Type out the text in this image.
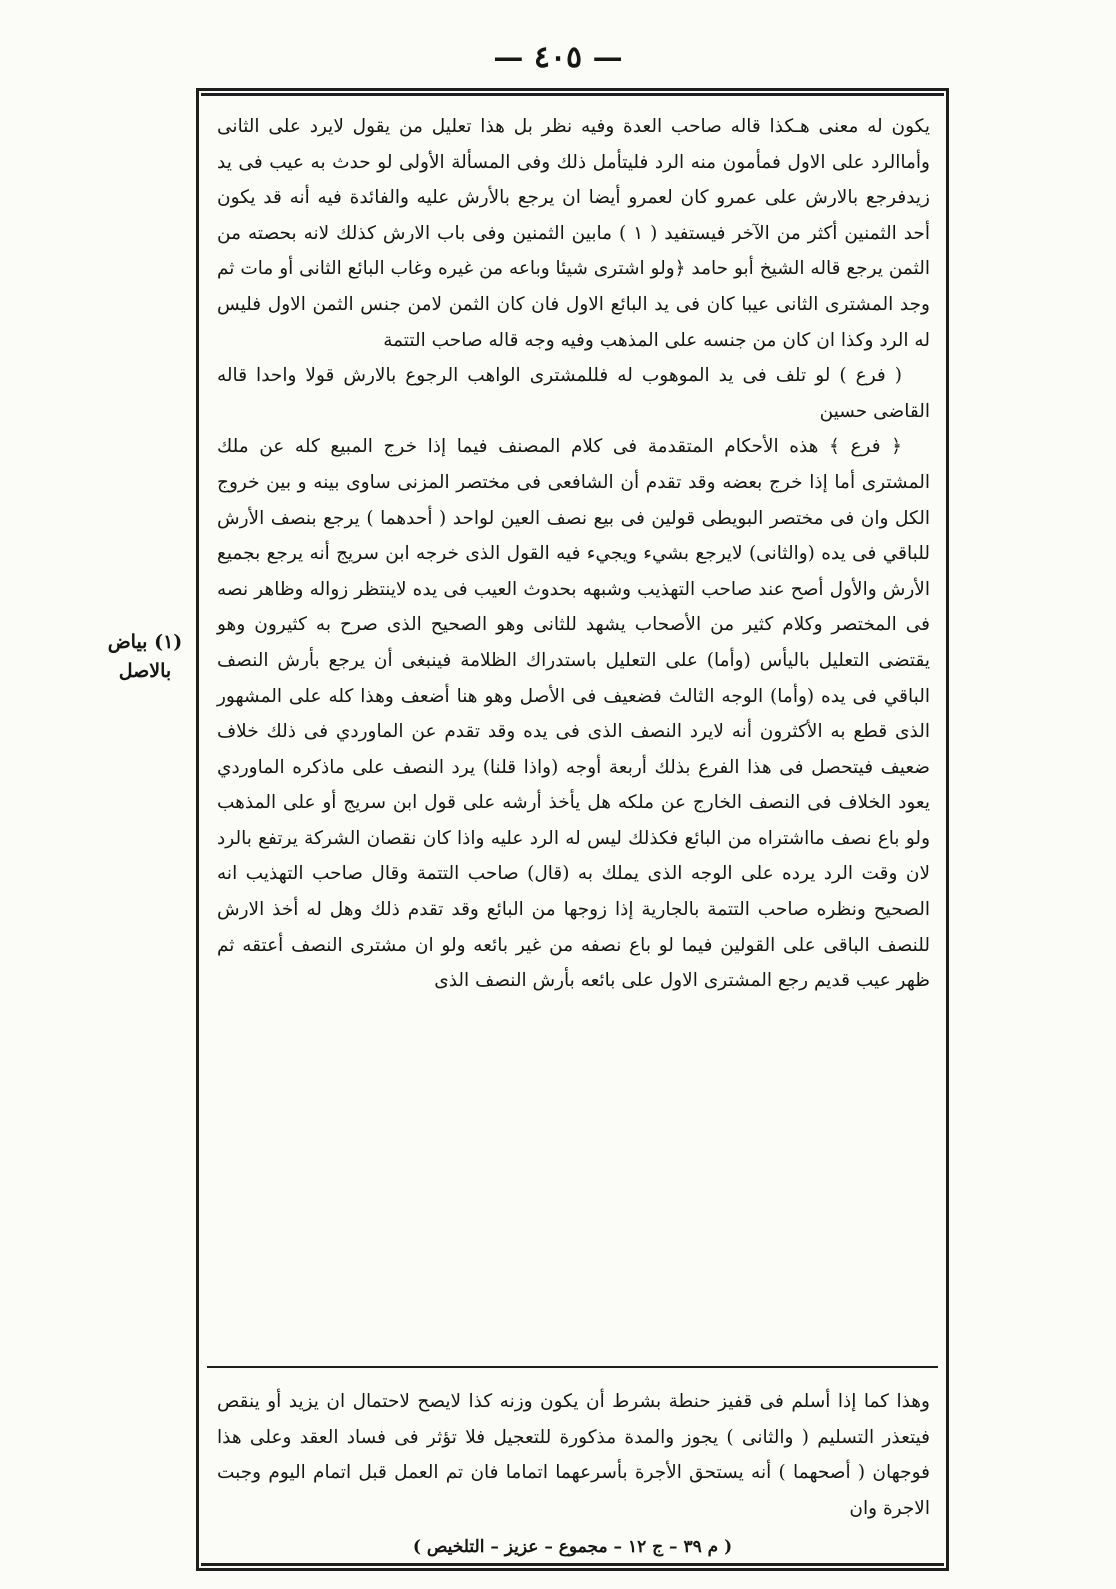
— ٤٠٥ —

(١) بياض بالاصل

يكون له معنى هـكذا قاله صاحب العدة وفيه نظر بل هذا تعليل من يقول لايرد على الثانى وأماالرد على الاول فمأمون منه الرد فليتأمل ذلك وفى المسألة الأولى لو حدث به عيب فى يد زيدفرجع بالارش على عمرو كان لعمرو أيضا ان يرجع بالأرش عليه والفائدة فيه أنه قد يكون أحد الثمنين أكثر من الآخر فيستفيد ( ١ ) مابين الثمنين وفى باب الارش كذلك لانه بحصته من الثمن يرجع قاله الشيخ أبو حامد ﴿ولو اشترى شيئا وباعه من غيره وغاب البائع الثانى أو مات ثم وجد المشترى الثانى عيبا كان فى يد البائع الاول فان كان الثمن لامن جنس الثمن الاول فليس له الرد وكذا ان كان من جنسه على المذهب وفيه وجه قاله صاحب التتمة

( فرع ) لو تلف فى يد الموهوب له فللمشترى الواهب الرجوع بالارش قولا واحدا قاله القاضى حسين

﴿ فرع ﴾ هذه الأحكام المتقدمة فى كلام المصنف فيما إذا خرج المبيع كله عن ملك المشترى أما إذا خرج بعضه وقد تقدم أن الشافعى فى مختصر المزنى ساوى بينه و بين خروج الكل وان فى مختصر البويطى قولين فى بيع نصف العين لواحد ( أحدهما ) يرجع بنصف الأرش للباقي فى يده (والثانى) لايرجع بشيء ويجيء فيه القول الذى خرجه ابن سريج أنه يرجع بجميع الأرش والأول أصح عند صاحب التهذيب وشبهه بحدوث العيب فى يده لاينتظر زواله وظاهر نصه فى المختصر وكلام كثير من الأصحاب يشهد للثانى وهو الصحيح الذى صرح به كثيرون وهو يقتضى التعليل باليأس (وأما) على التعليل باستدراك الظلامة فينبغى أن يرجع بأرش النصف الباقي فى يده (وأما) الوجه الثالث فضعيف فى الأصل وهو هنا أضعف وهذا كله على المشهور الذى قطع به الأكثرون أنه لايرد النصف الذى فى يده وقد تقدم عن الماوردي فى ذلك خلاف ضعيف فيتحصل فى هذا الفرع بذلك أربعة أوجه (واذا قلنا) يرد النصف على ماذكره الماوردي يعود الخلاف فى النصف الخارج عن ملكه هل يأخذ أرشه على قول ابن سريج أو على المذهب ولو باع نصف مااشتراه من البائع فكذلك ليس له الرد عليه واذا كان نقصان الشركة يرتفع بالرد لان وقت الرد يرده على الوجه الذى يملك به (قال) صاحب التتمة وقال صاحب التهذيب انه الصحيح ونظره صاحب التتمة بالجارية إذا زوجها من البائع وقد تقدم ذلك وهل له أخذ الارش للنصف الباقى على القولين فيما لو باع نصفه من غير بائعه ولو ان مشترى النصف أعتقه ثم ظهر عيب قديم رجع المشترى الاول على بائعه بأرش النصف الذى

وهذا كما إذا أسلم فى قفيز حنطة بشرط أن يكون وزنه كذا لايصح لاحتمال ان يزيد أو ينقص فيتعذر التسليم ( والثانى ) يجوز والمدة مذكورة للتعجيل فلا تؤثر فى فساد العقد وعلى هذا فوجهان ( أصحهما ) أنه يستحق الأجرة بأسرعهما اتماما فان تم العمل قبل اتمام اليوم وجبت الاجرة وان

( م ٣٩ – ج ١٢ – مجموع – عزيز – التلخيص )
